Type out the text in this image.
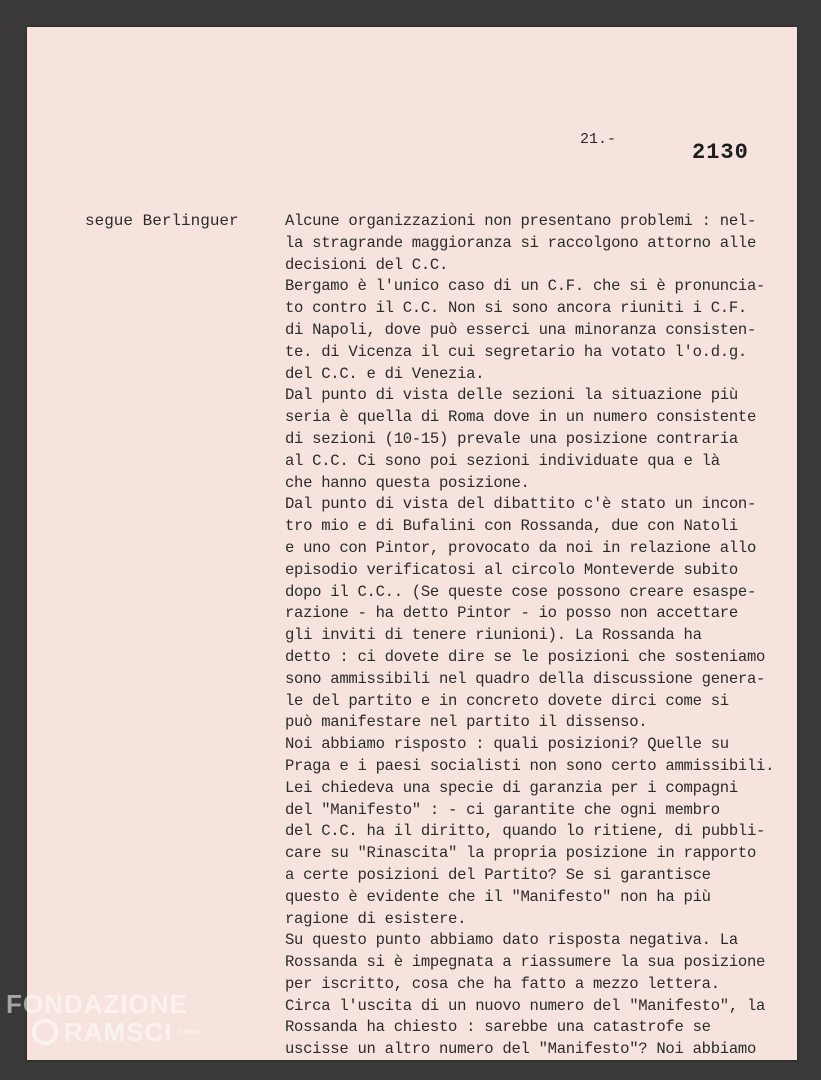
21.-
2130
segue Berlinguer	Alcune organizzazioni non presentano problemi : nel-
la stragrande maggioranza si raccolgono attorno alle
decisioni del C.C.
Bergamo è l'unico caso di un C.F. che si è pronuncia-
to contro il C.C. Non si sono ancora riuniti i C.F.
di Napoli, dove può esserci una minoranza consisten-
te. di Vicenza il cui segretario ha votato l'o.d.g.
del C.C. e di Venezia.
Dal punto di vista delle sezioni la situazione più
seria è quella di Roma dove in un numero consistente
di sezioni (10-15) prevale una posizione contraria
al C.C. Ci sono poi sezioni individuate qua e là
che hanno questa posizione.
Dal punto di vista del dibattito c'è stato un incon-
tro mio e di Bufalini con Rossanda, due con Natoli
e uno con Pintor, provocato da noi in relazione allo
episodio verificatosi al circolo Monteverde subito
dopo il C.C.. (Se queste cose possono creare esaspe-
razione - ha detto Pintor - io posso non accettare
gli inviti di tenere riunioni). La Rossanda ha
detto : ci dovete dire se le posizioni che sosteniamo
sono ammissibili nel quadro della discussione genera-
le del partito e in concreto dovete dirci come si
può manifestare nel partito il dissenso.
Noi abbiamo risposto : quali posizioni? Quelle su
Praga e i paesi socialisti non sono certo ammissibili.
Lei chiedeva una specie di garanzia per i compagni
del "Manifesto" : - ci garantite che ogni membro
del C.C. ha il diritto, quando lo ritiene, di pubbli-
care su "Rinascita" la propria posizione in rapporto
a certe posizioni del Partito? Se si garantisce
questo è evidente che il "Manifesto" non ha più
ragione di esistere.
Su questo punto abbiamo dato risposta negativa. La
Rossanda si è impegnata a riassumere la sua posizione
per iscritto, cosa che ha fatto a mezzo lettera.
Circa l'uscita di un nuovo numero del "Manifesto", la
Rossanda ha chiesto : sarebbe una catastrofe se
uscisse un altro numero del "Manifesto"? Noi abbiamo
FONDAZIONE
RAMSCI onlus
